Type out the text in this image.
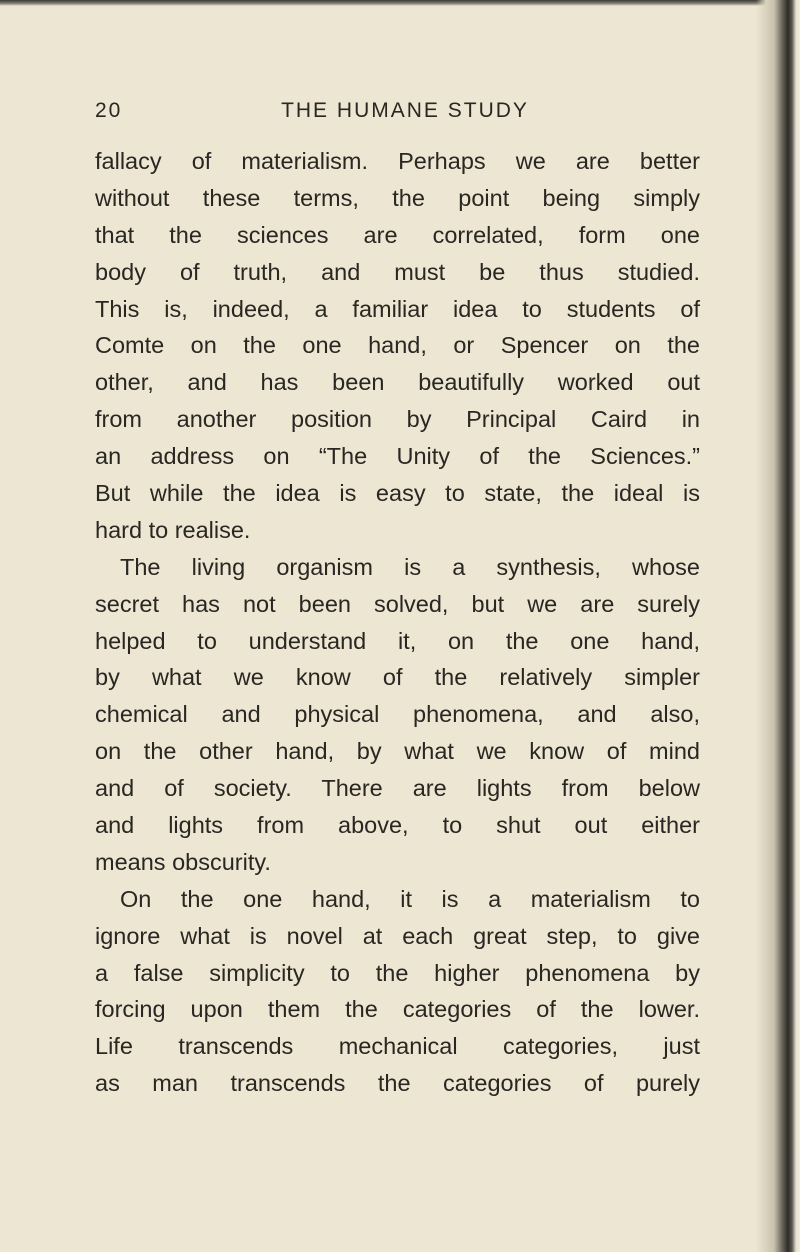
20	THE HUMANE STUDY
fallacy of materialism. Perhaps we are better
without these terms, the point being simply
that the sciences are correlated, form one
body of truth, and must be thus studied.
This is, indeed, a familiar idea to students of
Comte on the one hand, or Spencer on the
other, and has been beautifully worked out
from another position by Principal Caird in
an address on “The Unity of the Sciences.”
But while the idea is easy to state, the ideal is
hard to realise.
The living organism is a synthesis, whose
secret has not been solved, but we are surely
helped to understand it, on the one hand,
by what we know of the relatively simpler
chemical and physical phenomena, and also,
on the other hand, by what we know of mind
and of society. There are lights from below
and lights from above, to shut out either
means obscurity.
On the one hand, it is a materialism to
ignore what is novel at each great step, to give
a false simplicity to the higher phenomena by
forcing upon them the categories of the lower.
Life transcends mechanical categories, just
as man transcends the categories of purely
